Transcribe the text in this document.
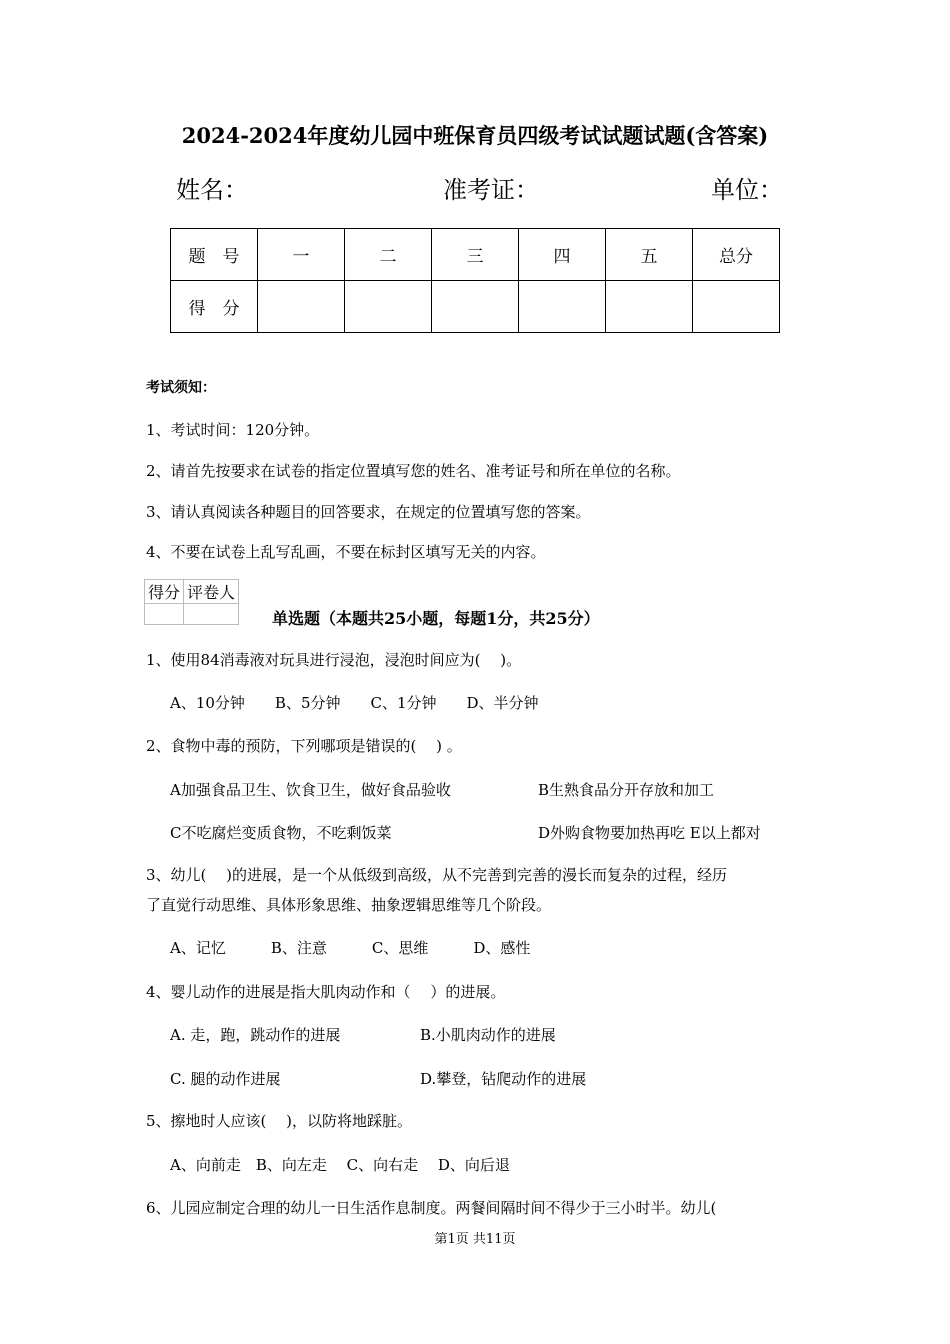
2024-2024年度幼儿园中班保育员四级考试试题试题(含答案)
姓名：	准考证：	单位：
题　号	一	二	三	四	五	总分
得　分						
考试须知：
1、考试时间：120分钟。
2、请首先按要求在试卷的指定位置填写您的姓名、准考证号和所在单位的名称。
3、请认真阅读各种题目的回答要求，在规定的位置填写您的答案。
4、不要在试卷上乱写乱画，不要在标封区填写无关的内容。
得分	评卷人

单选题（本题共25小题，每题1分，共25分）
1、使用84消毒液对玩具进行浸泡，浸泡时间应为(　 )。
A、10分钟　　B、5分钟　　C、1分钟　　D、半分钟
2、食物中毒的预防，下列哪项是错误的(　 ) 。
A加强食品卫生、饮食卫生，做好食品验收	B生熟食品分开存放和加工
C不吃腐烂变质食物，不吃剩饭菜	D外购食物要加热再吃 E以上都对
3、幼儿(　 )的进展，是一个从低级到高级，从不完善到完善的漫长而复杂的过程，经历
了直觉行动思维、具体形象思维、抽象逻辑思维等几个阶段。
A、记忆　　　B、注意　　　C、思维　　　D、感性
4、婴儿动作的进展是指大肌肉动作和（　 ）的进展。
A. 走，跑，跳动作的进展	B.小肌肉动作的进展
C. 腿的动作进展	D.攀登，钻爬动作的进展
5、擦地时人应该(　 )，以防将地踩脏。
A、向前走　B、向左走　 C、向右走　 D、向后退
6、儿园应制定合理的幼儿一日生活作息制度。两餐间隔时间不得少于三小时半。幼儿(
第1页 共11页
